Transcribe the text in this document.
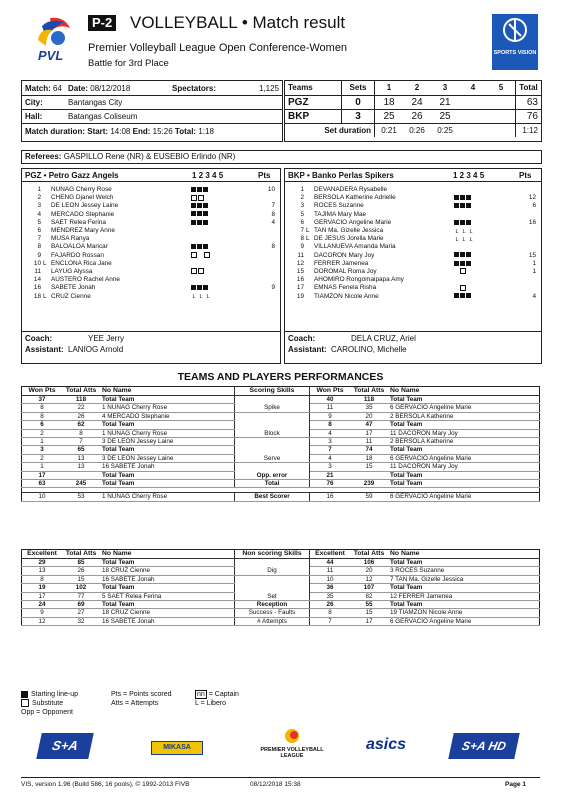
PVL
P-2 VOLLEYBALL • Match result
Premier Volleyball League Open Conference-Women
Battle for 3rd Place
SPORTS VISION
Match: 64 Date: 08/12/2018	Spectators:	1,125
City:	Bantangas City
Hall:	Batangas Coliseum
Match duration: Start: 14:08 End: 15:26 Total: 1:18
Teams	Sets	1	2	3	4	5	Total
PGZ	0	18	24	21			63
BKP	3	25	26	25			76
Set duration		0:21	0:26	0:25			1:12
Referees: GASPILLO Rene (NR) & EUSEBIO Erlindo (NR)
PGZ • Petro Gazz Angels	1 2 3 4 5	Pts
1		NUNAG Cherry Rose		10
2		CHENG Djanel Welch		
3		DE LEON Jessey Laine		7
4		MERCADO Stephanie		8
5		SAET Relea Ferina		4
6		MENDREZ Mary Anne		
7		MUSA Ranya		
8		BALOALOA Maricar		8
9		FAJARDO Rossan		
10	L	ENCLONA Rica Jane		
11		LAYUG Alyssa		
14		AUSTERO Rachel Anne		
16		SABETE Jonah		9
18	L	CRUZ Cienne	L L L	
Coach:	YEE Jerry
Assistant: LANIOG Arnold
BKP • Banko Perlas Spikers	1 2 3 4 5	Pts
1		DEVANADERA Rysabelle		
2		BERSOLA Katherine Adrielle		12
3		ROCES Suzanne		6
5		TAJIMA Mary Mae		
6		GERVACIO Angeline Marie		16
7	L	TAN Ma. Gizelle Jessica	L L L	
8	L	DE JESUS Jorella Marie	L L L	
9		VILLANUEVA Amanda Maria		
11		DACORON Mary Joy		15
12		FERRER Jamenea		1
15		DOROMAL Roma Joy		1
16		AHOMIRO Rongomaipapa Amy		
17		EMNAS Fenela Risha		
19		TIAMZON Nicole Anne		4
Coach:	DELA CRUZ, Ariel
Assistant: CAROLINO, Michelle
TEAMS AND PLAYERS PERFORMANCES
Won Pts	Total Atts	No Name	Scoring Skills	Won Pts	Total Atts	No Name
37	118	Total Team		40	118	Total Team
8	22	1 NUNAG Cherry Rose	Spike	11	35	6 GERVACIO Angeline Marie
8	26	4 MERCADO Stephanie		9	20	2 BERSOLA Katherine
6	62	Total Team		8	47	Total Team
2	8	1 NUNAG Cherry Rose	Block	4	17	11 DACORON Mary Joy
1	7	3 DE LEON Jessey Laine		3	11	2 BERSOLA Katherine
3	65	Total Team		7	74	Total Team
2	13	3 DE LEON Jessey Laine	Serve	4	18	6 GERVACIO Angeline Marie
1	13	16 SABETE Jonah		3	15	11 DACORON Mary Joy
17		Total Team	Opp. error	21		Total Team
63	245	Total Team	Total	76	239	Total Team

10	53	1 NUNAG Cherry Rose	Best Scorer	16	59	6 GERVACIO Angeline Marie
Excellent	Total Atts	No Name	Non scoring Skills	Excellent	Total Atts	No Name
29	85	Total Team		44	106	Total Team
13	26	18 CRUZ Cienne	Dig	11	20	3 ROCES Suzanne
8	15	16 SABETE Jonah		10	12	7 TAN Ma. Gizelle Jessica
19	102	Total Team		36	107	Total Team
17	77	5 SAET Relea Ferina	Set	35	82	12 FERRER Jamenea
24	69	Total Team	Reception	26	55	Total Team
9	27	18 CRUZ Cienne	Success - Faults	8	15	19 TIAMZON Nicole Anne
12	32	16 SABETE Jonah	# Attempts	7	17	6 GERVACIO Angeline Marie
Starting line-up	Pts = Points scored	nn = Captain
Substitute	Atts = Attempts	L = Libero
Opp = Opponent
S+A	MIKASA	PREMIER VOLLEYBALL LEAGUE
asics	S+A HD
VIS, version 1.96 (Build 586, 16 pools), © 1992-2013 FIVB	08/12/2018 15:38	Page 1
